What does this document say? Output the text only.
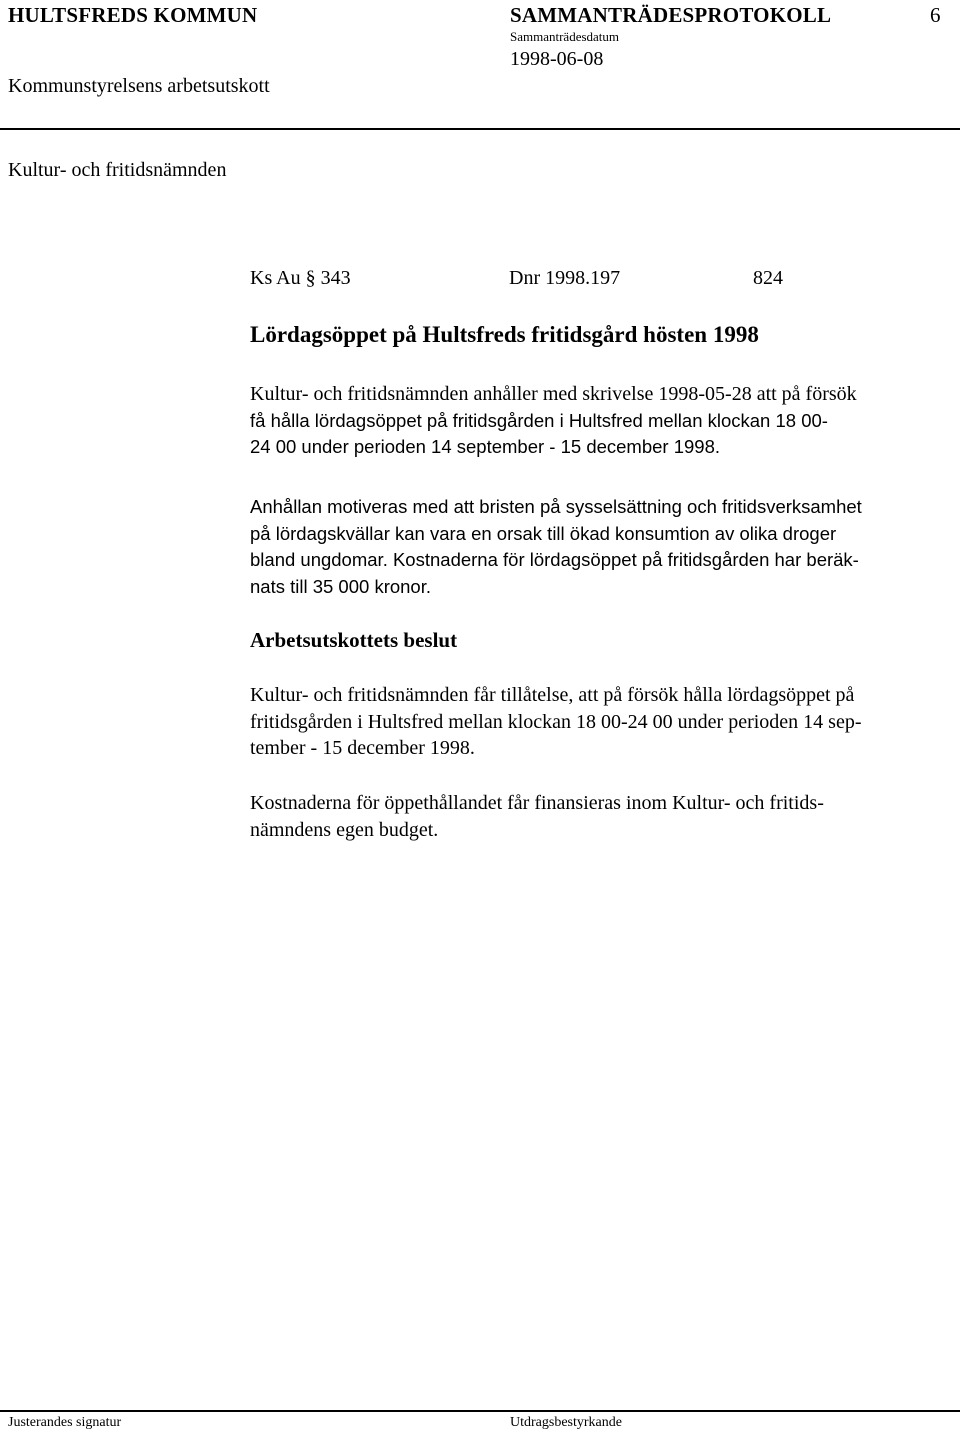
HULTSFREDS KOMMUN	SAMMANTRÄDESPROTOKOLL	6
Sammanträdesdatum
1998-06-08
Kommunstyrelsens arbetsutskott
Kultur- och fritidsnämnden
Ks Au § 343	Dnr 1998.197	824
Lördagsöppet på Hultsfreds fritidsgård hösten 1998
Kultur- och fritidsnämnden anhåller med skrivelse 1998-05-28 att på försök
få hålla lördagsöppet på fritidsgården i Hultsfred mellan klockan 18 00-
24 00 under perioden 14 september - 15 december 1998.
Anhållan motiveras med att bristen på sysselsättning och fritidsverksamhet
på lördagskvällar kan vara en orsak till ökad konsumtion av olika droger
bland ungdomar. Kostnaderna för lördagsöppet på fritidsgården har beräk-
nats till 35 000 kronor.
Arbetsutskottets beslut
Kultur- och fritidsnämnden får tillåtelse, att på försök hålla lördagsöppet på
fritidsgården i Hultsfred mellan klockan 18 00-24 00 under perioden 14 sep-
tember - 15 december 1998.
Kostnaderna för öppethållandet får finansieras inom Kultur- och fritids-
nämndens egen budget.
Justerandes signatur	Utdragsbestyrkande
